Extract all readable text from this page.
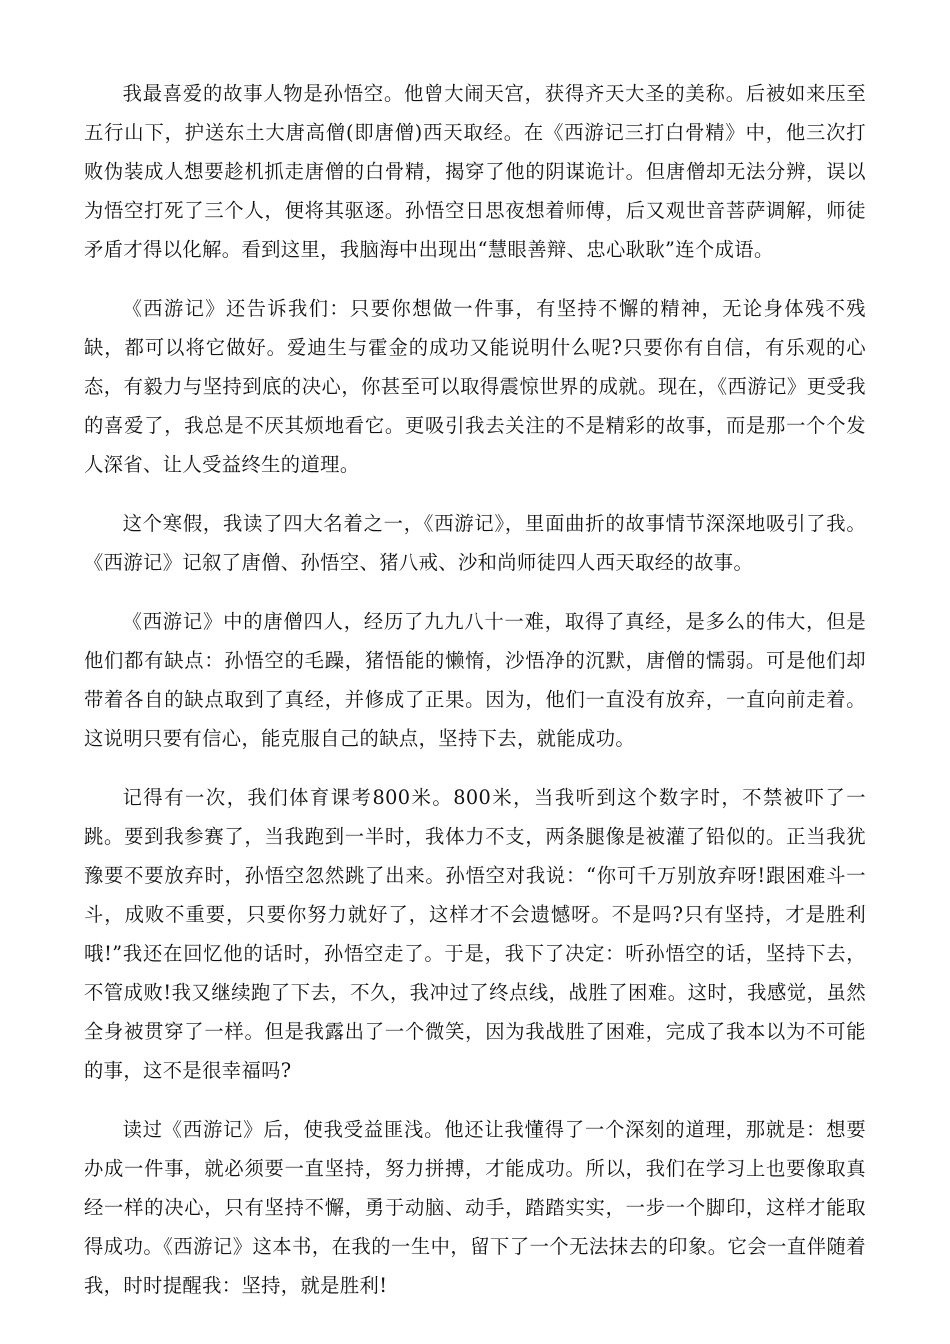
我最喜爱的故事人物是孙悟空。他曾大闹天宫，获得齐天大圣的美称。后被如来压至五行山下，护送东土大唐高僧(即唐僧)西天取经。在《西游记三打白骨精》中，他三次打败伪装成人想要趁机抓走唐僧的白骨精，揭穿了他的阴谋诡计。但唐僧却无法分辨，误以为悟空打死了三个人，便将其驱逐。孙悟空日思夜想着师傅，后又观世音菩萨调解，师徒矛盾才得以化解。看到这里，我脑海中出现出“慧眼善辩、忠心耿耿”连个成语。

《西游记》还告诉我们：只要你想做一件事，有坚持不懈的精神，无论身体残不残缺，都可以将它做好。爱迪生与霍金的成功又能说明什么呢?只要你有自信，有乐观的心态，有毅力与坚持到底的决心，你甚至可以取得震惊世界的成就。现在，《西游记》更受我的喜爱了，我总是不厌其烦地看它。更吸引我去关注的不是精彩的故事，而是那一个个发人深省、让人受益终生的道理。

这个寒假，我读了四大名着之一，《西游记》，里面曲折的故事情节深深地吸引了我。《西游记》记叙了唐僧、孙悟空、猪八戒、沙和尚师徒四人西天取经的故事。

《西游记》中的唐僧四人，经历了九九八十一难，取得了真经，是多么的伟大，但是他们都有缺点：孙悟空的毛躁，猪悟能的懒惰，沙悟净的沉默，唐僧的懦弱。可是他们却带着各自的缺点取到了真经，并修成了正果。因为，他们一直没有放弃，一直向前走着。这说明只要有信心，能克服自己的缺点，坚持下去，就能成功。

记得有一次，我们体育课考800米。800米，当我听到这个数字时，不禁被吓了一跳。要到我参赛了，当我跑到一半时，我体力不支，两条腿像是被灌了铅似的。正当我犹豫要不要放弃时，孙悟空忽然跳了出来。孙悟空对我说：“你可千万别放弃呀!跟困难斗一斗，成败不重要，只要你努力就好了，这样才不会遗憾呀。不是吗?只有坚持，才是胜利哦!”我还在回忆他的话时，孙悟空走了。于是，我下了决定：听孙悟空的话，坚持下去，不管成败!我又继续跑了下去，不久，我冲过了终点线，战胜了困难。这时，我感觉，虽然全身被贯穿了一样。但是我露出了一个微笑，因为我战胜了困难，完成了我本以为不可能的事，这不是很幸福吗?

读过《西游记》后，使我受益匪浅。他还让我懂得了一个深刻的道理，那就是：想要办成一件事，就必须要一直坚持，努力拼搏，才能成功。所以，我们在学习上也要像取真经一样的决心，只有坚持不懈，勇于动脑、动手，踏踏实实，一步一个脚印，这样才能取得成功。《西游记》这本书，在我的一生中，留下了一个无法抹去的印象。它会一直伴随着我，时时提醒我：坚持，就是胜利!
